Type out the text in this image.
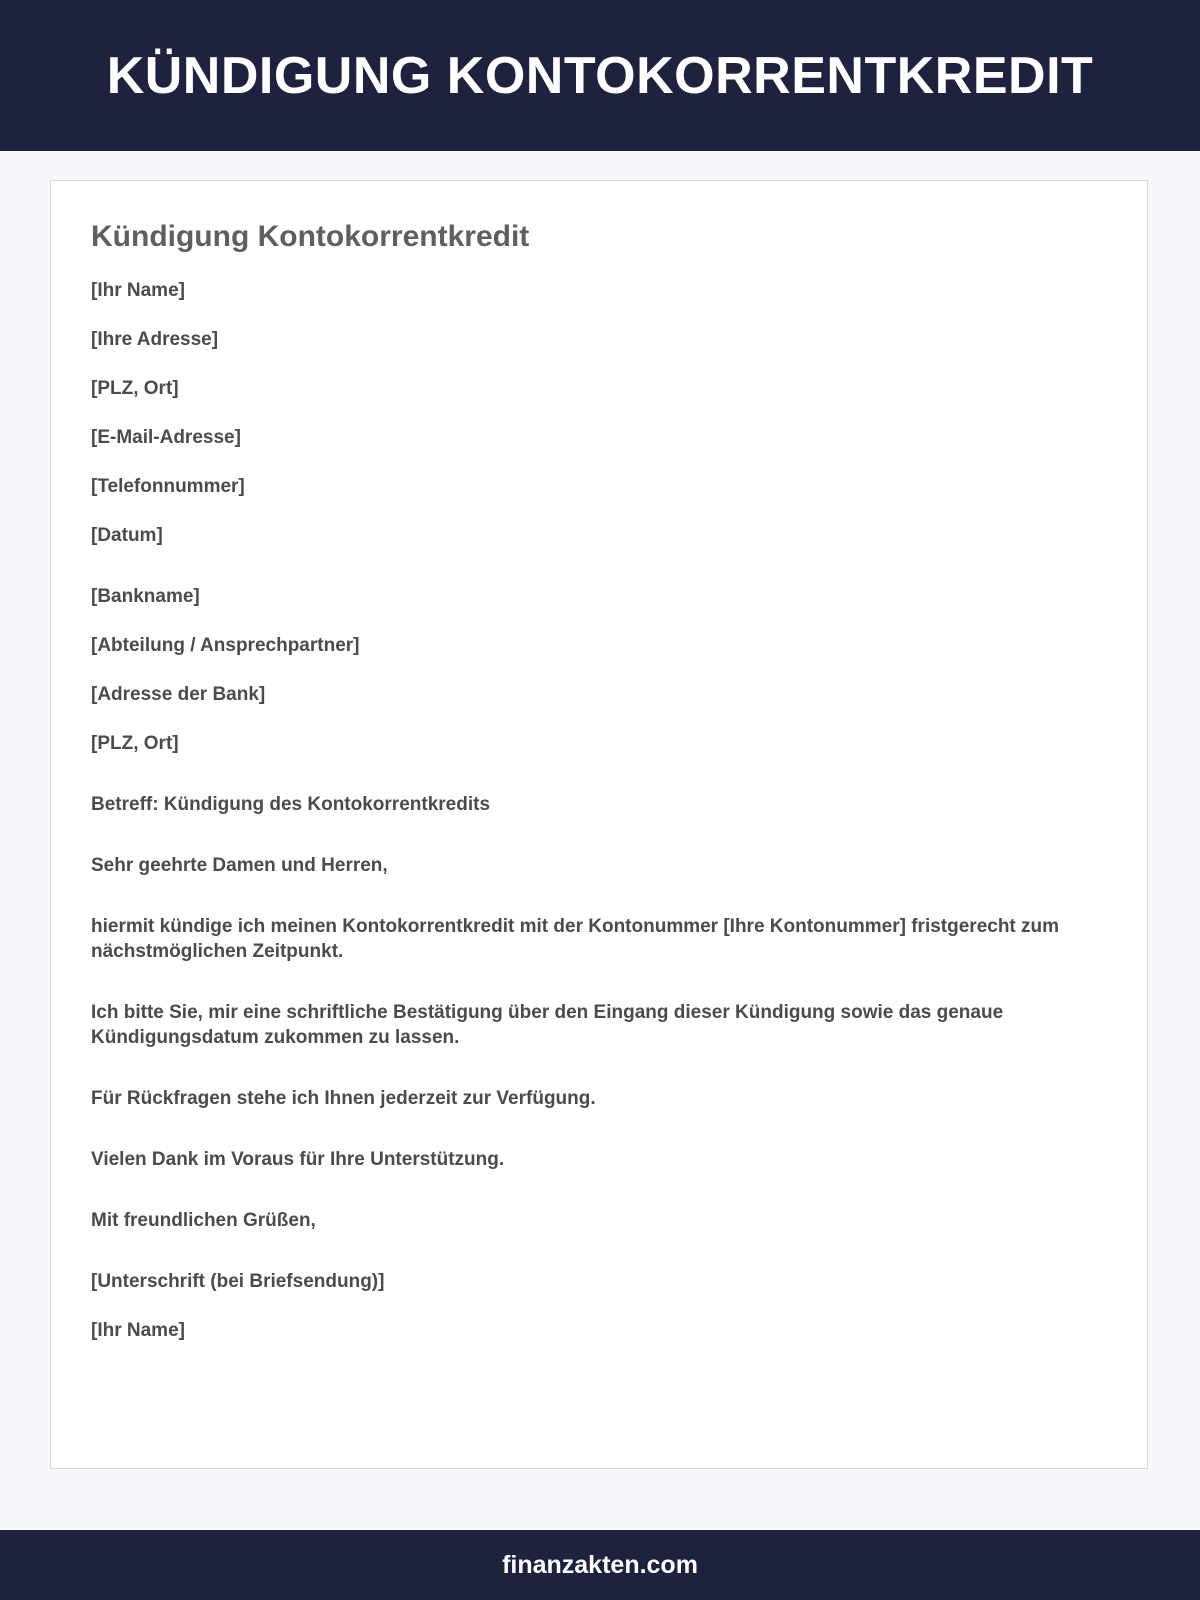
KÜNDIGUNG KONTOKORRENTKREDIT
Kündigung Kontokorrentkredit

[Ihr Name]

[Ihre Adresse]

[PLZ, Ort]

[E-Mail-Adresse]

[Telefonnummer]

[Datum]

[Bankname]

[Abteilung / Ansprechpartner]

[Adresse der Bank]

[PLZ, Ort]

Betreff: Kündigung des Kontokorrentkredits

Sehr geehrte Damen und Herren,

hiermit kündige ich meinen Kontokorrentkredit mit der Kontonummer [Ihre Kontonummer] fristgerecht zum nächstmöglichen Zeitpunkt.

Ich bitte Sie, mir eine schriftliche Bestätigung über den Eingang dieser Kündigung sowie das genaue Kündigungsdatum zukommen zu lassen.

Für Rückfragen stehe ich Ihnen jederzeit zur Verfügung.

Vielen Dank im Voraus für Ihre Unterstützung.

Mit freundlichen Grüßen,

[Unterschrift (bei Briefsendung)]

[Ihr Name]

finanzakten.com
